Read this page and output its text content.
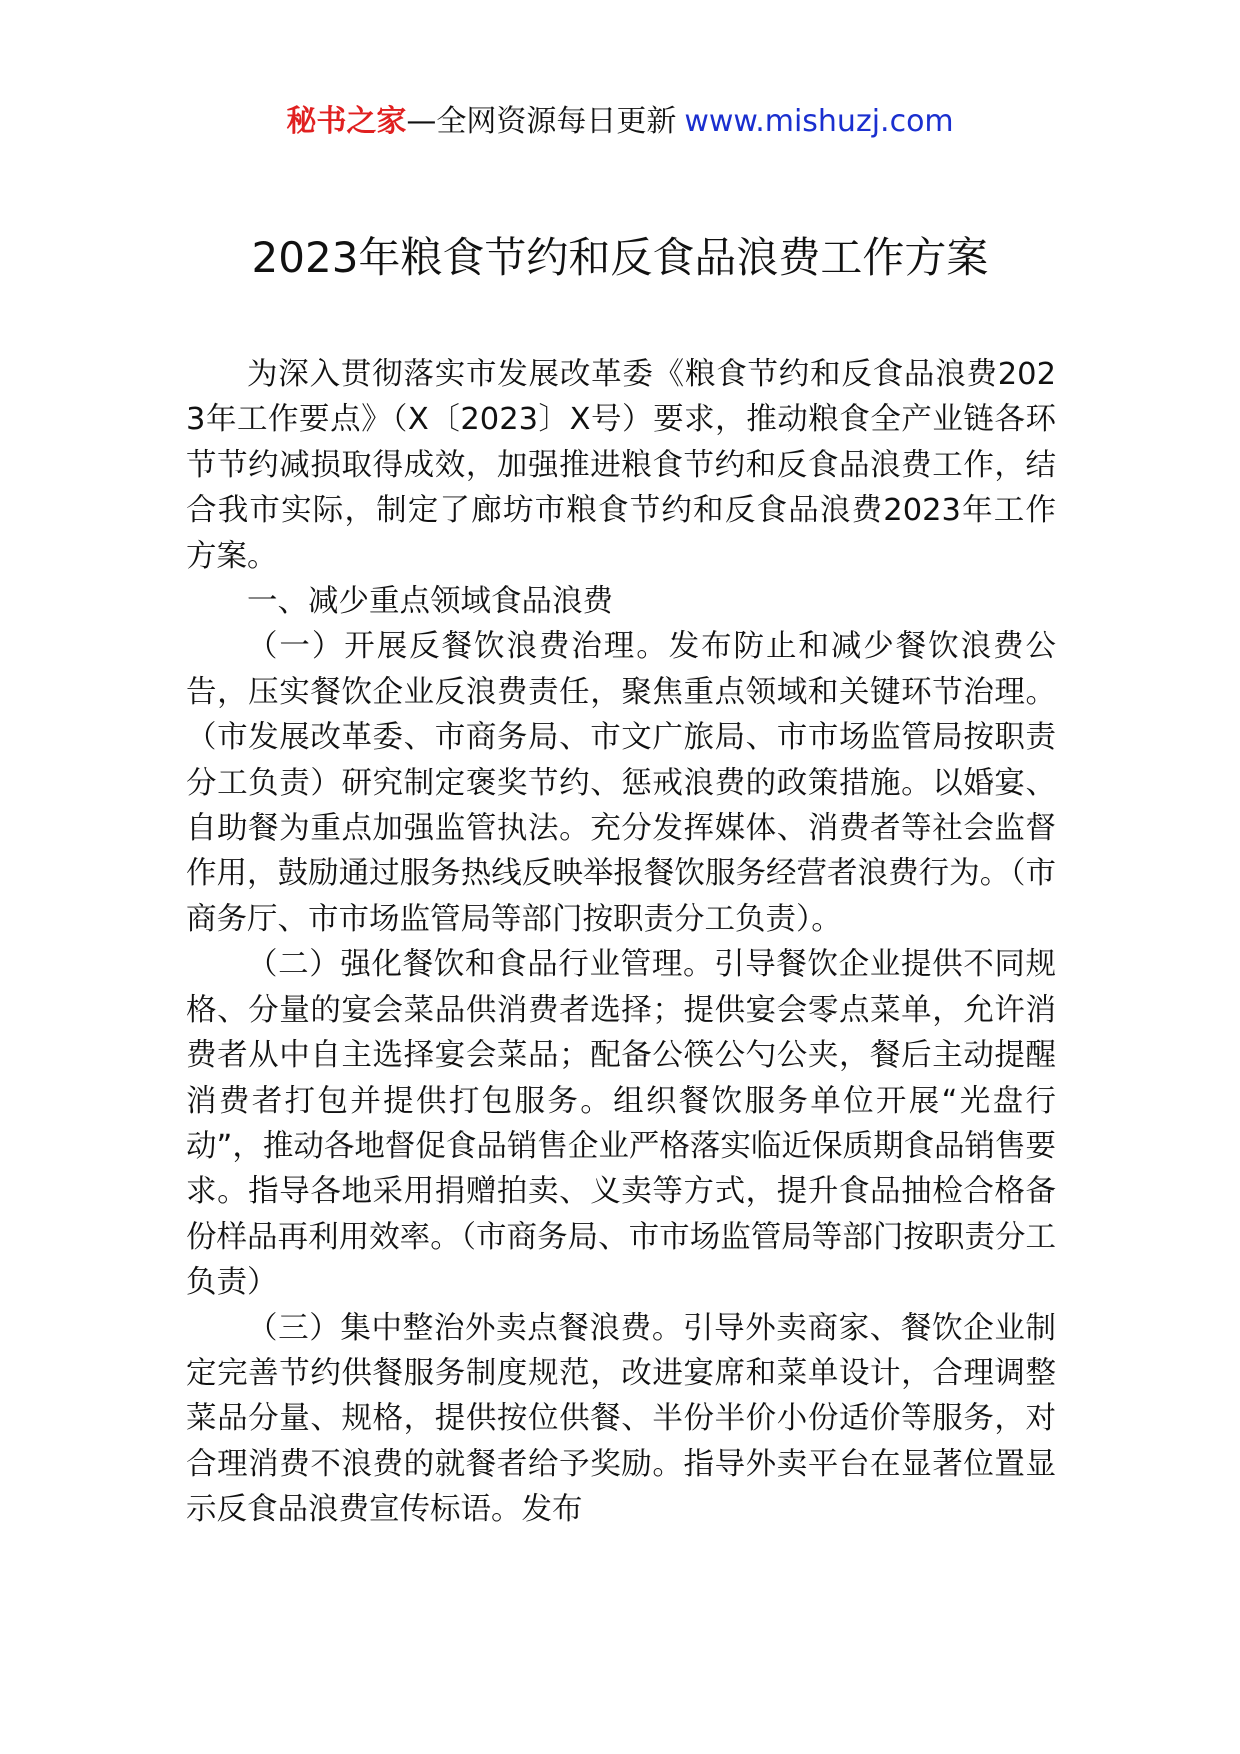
秘书之家—全网资源每日更新 www.mishuzj.com
2023年粮食节约和反食品浪费工作方案

为深入贯彻落实市发展改革委《粮食节约和反食品浪费2023年工作要点》（X〔2023〕X号）要求，推动粮食全产业链各环节节约减损取得成效，加强推进粮食节约和反食品浪费工作，结合我市实际，制定了廊坊市粮食节约和反食品浪费2023年工作方案。

一、减少重点领域食品浪费

（一）开展反餐饮浪费治理。发布防止和减少餐饮浪费公告，压实餐饮企业反浪费责任，聚焦重点领域和关键环节治理。（市发展改革委、市商务局、市文广旅局、市市场监管局按职责分工负责）研究制定褒奖节约、惩戒浪费的政策措施。以婚宴、自助餐为重点加强监管执法。充分发挥媒体、消费者等社会监督作用，鼓励通过服务热线反映举报餐饮服务经营者浪费行为。（市商务厅、市市场监管局等部门按职责分工负责）。

（二）强化餐饮和食品行业管理。引导餐饮企业提供不同规格、分量的宴会菜品供消费者选择；提供宴会零点菜单，允许消费者从中自主选择宴会菜品；配备公筷公勺公夹，餐后主动提醒消费者打包并提供打包服务。组织餐饮服务单位开展“光盘行动”，推动各地督促食品销售企业严格落实临近保质期食品销售要求。指导各地采用捐赠拍卖、义卖等方式，提升食品抽检合格备份样品再利用效率。（市商务局、市市场监管局等部门按职责分工负责）

（三）集中整治外卖点餐浪费。引导外卖商家、餐饮企业制定完善节约供餐服务制度规范，改进宴席和菜单设计，合理调整菜品分量、规格，提供按位供餐、半份半价小份适价等服务，对合理消费不浪费的就餐者给予奖励。指导外卖平台在显著位置显示反食品浪费宣传标语。发布
